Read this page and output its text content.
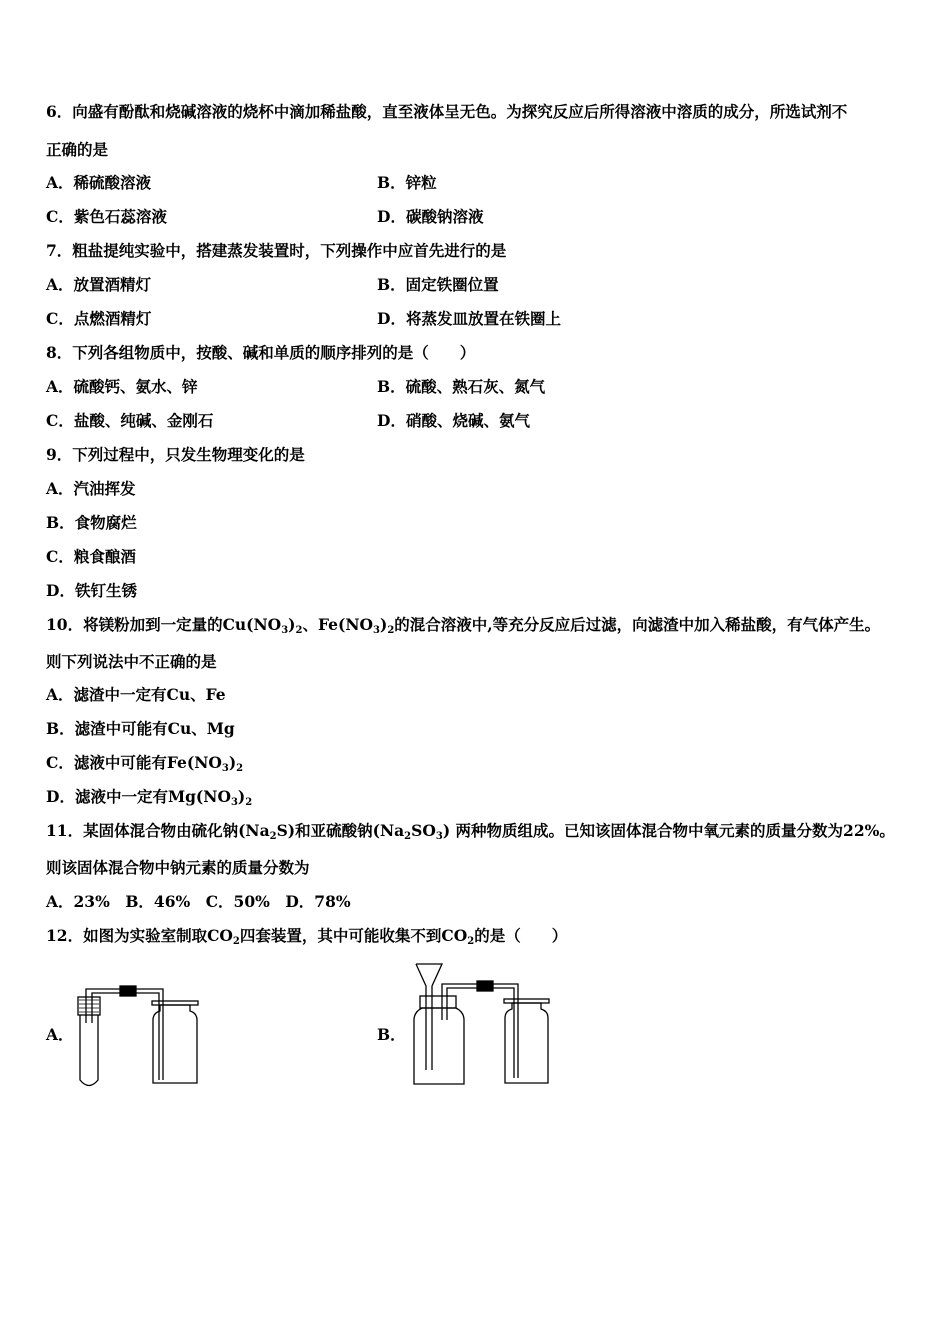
6．向盛有酚酞和烧碱溶液的烧杯中滴加稀盐酸，直至液体呈无色。为探究反应后所得溶液中溶质的成分，所选试剂不
正确的是
A．稀硫酸溶液	B．锌粒
C．紫色石蕊溶液	D．碳酸钠溶液
7．粗盐提纯实验中，搭建蒸发装置时，下列操作中应首先进行的是
A．放置酒精灯	B．固定铁圈位置
C．点燃酒精灯	D．将蒸发皿放置在铁圈上
8．下列各组物质中，按酸、碱和单质的顺序排列的是（　　）
A．硫酸钙、氨水、锌	B．硫酸、熟石灰、氮气
C．盐酸、纯碱、金刚石	D．硝酸、烧碱、氨气
9．下列过程中，只发生物理变化的是
A．汽油挥发
B．食物腐烂
C．粮食酿酒
D．铁钉生锈
10．将镁粉加到一定量的$Cu(NO_3)_2$、$Fe(NO_3)_2$的混合溶液中,等充分反应后过滤，向滤渣中加入稀盐酸，有气体产生。
则下列说法中不正确的是
A．滤渣中一定有Cu、Fe
B．滤渣中可能有Cu、Mg
C．滤液中可能有$Fe(NO_3)_2$
D．滤液中一定有$Mg(NO_3)_2$
11．某固体混合物由硫化钠$(Na_2S)$和亚硫酸钠$(Na_2SO_3)$ 两种物质组成。已知该固体混合物中氧元素的质量分数为22%。
则该固体混合物中钠元素的质量分数为
A．23%　B．46%　C．50%　D．78%
12．如图为实验室制取$CO_2$四套装置，其中可能收集不到$CO_2$的是（　　）
A．	B．
